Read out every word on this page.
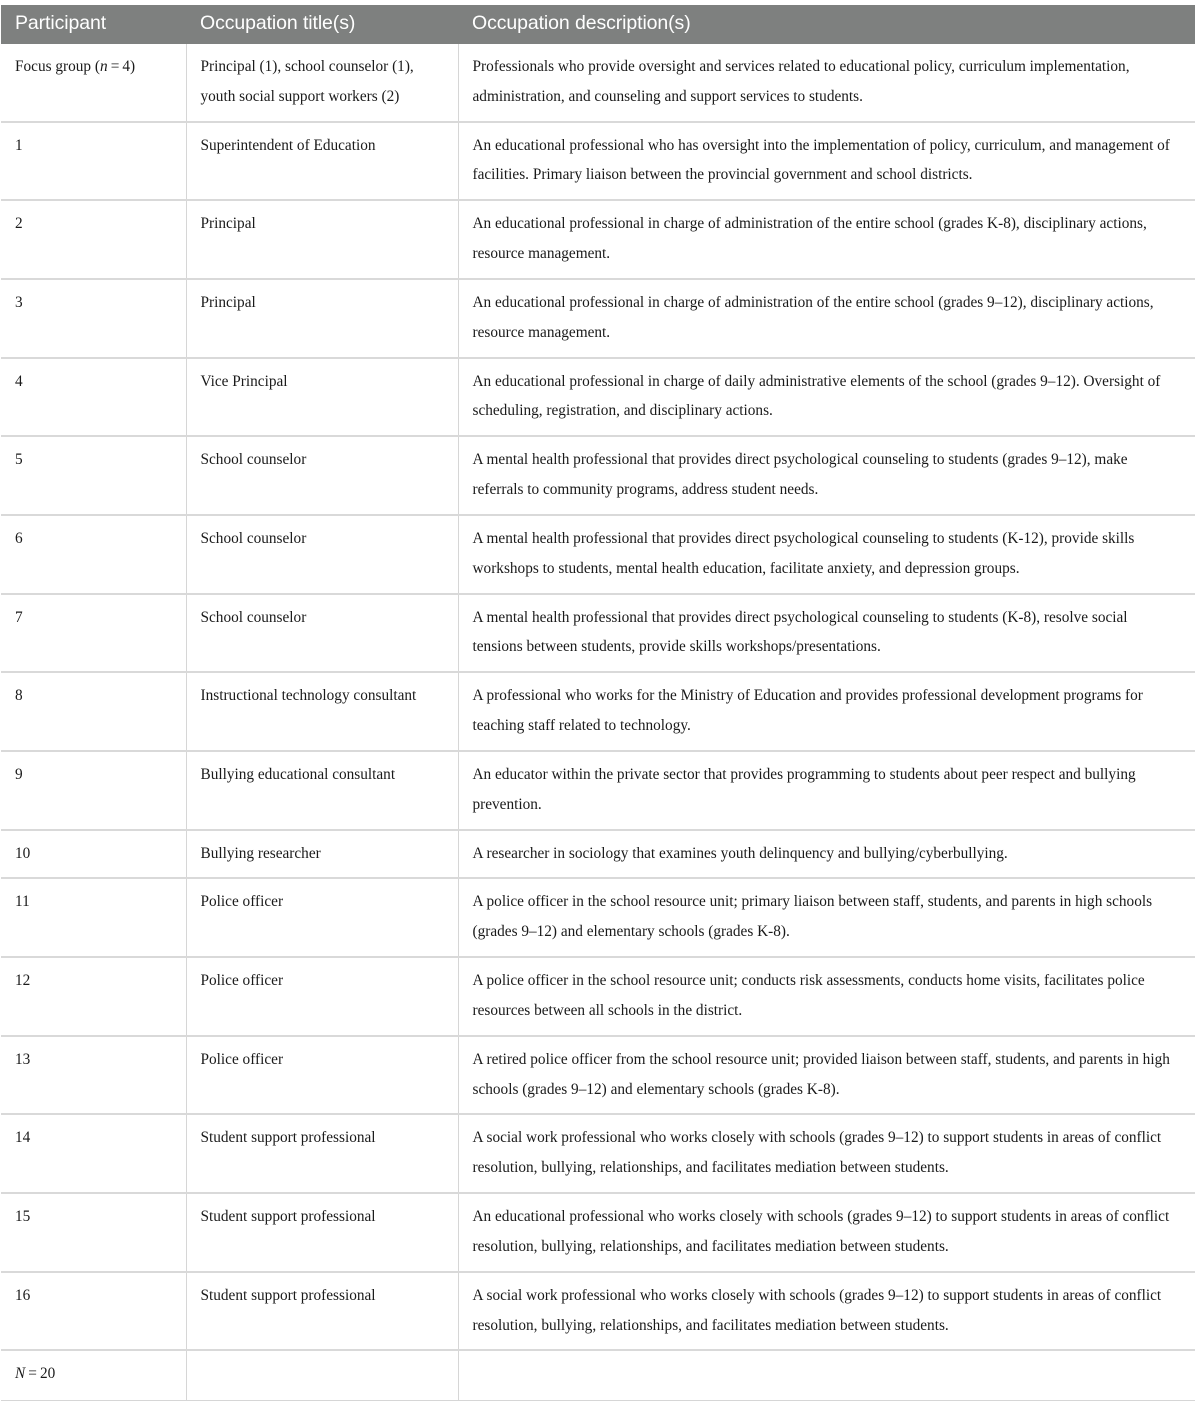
Participant	Occupation title(s)	Occupation description(s)
Focus group (n = 4)	Principal (1), school counselor (1), youth social support workers (2)	Professionals who provide oversight and services related to educational policy, curriculum implementation, administration, and counseling and support services to students.
1	Superintendent of Education	An educational professional who has oversight into the implementation of policy, curriculum, and management of facilities. Primary liaison between the provincial government and school districts.
2	Principal	An educational professional in charge of administration of the entire school (grades K-8), disciplinary actions, resource management.
3	Principal	An educational professional in charge of administration of the entire school (grades 9–12), disciplinary actions, resource management.
4	Vice Principal	An educational professional in charge of daily administrative elements of the school (grades 9–12). Oversight of scheduling, registration, and disciplinary actions.
5	School counselor	A mental health professional that provides direct psychological counseling to students (grades 9–12), make referrals to community programs, address student needs.
6	School counselor	A mental health professional that provides direct psychological counseling to students (K-12), provide skills workshops to students, mental health education, facilitate anxiety, and depression groups.
7	School counselor	A mental health professional that provides direct psychological counseling to students (K-8), resolve social tensions between students, provide skills workshops/presentations.
8	Instructional technology consultant	A professional who works for the Ministry of Education and provides professional development programs for teaching staff related to technology.
9	Bullying educational consultant	An educator within the private sector that provides programming to students about peer respect and bullying prevention.
10	Bullying researcher	A researcher in sociology that examines youth delinquency and bullying/cyberbullying.
11	Police officer	A police officer in the school resource unit; primary liaison between staff, students, and parents in high schools (grades 9–12) and elementary schools (grades K-8).
12	Police officer	A police officer in the school resource unit; conducts risk assessments, conducts home visits, facilitates police resources between all schools in the district.
13	Police officer	A retired police officer from the school resource unit; provided liaison between staff, students, and parents in high schools (grades 9–12) and elementary schools (grades K-8).
14	Student support professional	A social work professional who works closely with schools (grades 9–12) to support students in areas of conflict resolution, bullying, relationships, and facilitates mediation between students.
15	Student support professional	An educational professional who works closely with schools (grades 9–12) to support students in areas of conflict resolution, bullying, relationships, and facilitates mediation between students.
16	Student support professional	A social work professional who works closely with schools (grades 9–12) to support students in areas of conflict resolution, bullying, relationships, and facilitates mediation between students.
N = 20		
